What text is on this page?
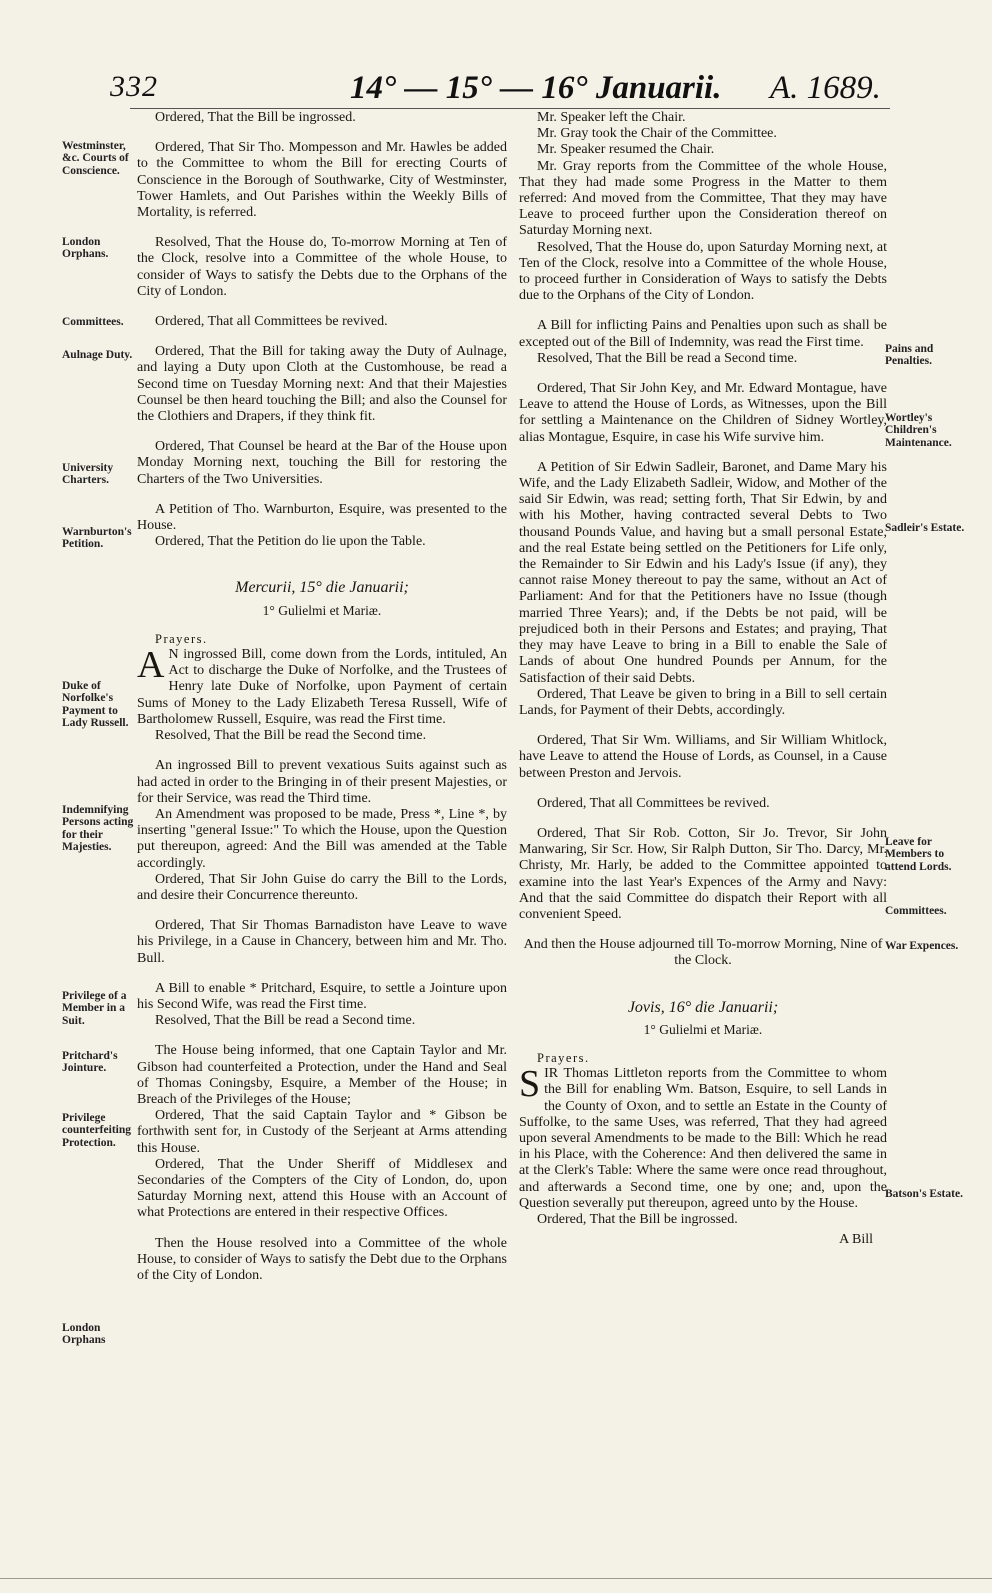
332	14° — 15° — 16° Januarii. A. 1689.
Westminster, &c. Courts of Conscience.
London Orphans.
Committees.
Aulnage Duty.
University Charters.
Warnburton's Petition.
Duke of Norfolke's Payment to Lady Russell.
Indemnifying Persons acting for their Majesties.
Privilege of a Member in a Suit.
Pritchard's Jointure.
Privilege counterfeiting Protection.
London Orphans
Pains and Penalties.
Wortley's Children's Maintenance.
Sadleir's Estate.
Leave for Members to attend Lords.
Committees.
War Expences.
Batson's Estate.

Ordered, That the Bill be ingrossed.

Ordered, That Sir Tho. Mompesson and Mr. Hawles be added to the Committee to whom the Bill for erecting Courts of Conscience in the Borough of Southwarke, City of Westminster, Tower Hamlets, and Out Parishes within the Weekly Bills of Mortality, is referred.

Resolved, That the House do, To-morrow Morning at Ten of the Clock, resolve into a Committee of the whole House, to consider of Ways to satisfy the Debts due to the Orphans of the City of London.

Ordered, That all Committees be revived.

Ordered, That the Bill for taking away the Duty of Aulnage, and laying a Duty upon Cloth at the Customhouse, be read a Second time on Tuesday Morning next: And that their Majesties Counsel be then heard touching the Bill; and also the Counsel for the Clothiers and Drapers, if they think fit.

Ordered, That Counsel be heard at the Bar of the House upon Monday Morning next, touching the Bill for restoring the Charters of the Two Universities.

A Petition of Tho. Warnburton, Esquire, was presented to the House.

Ordered, That the Petition do lie upon the Table.

Mercurii, 15° die Januarii;

1° Gulielmi et Mariæ.

Prayers.

A N ingrossed Bill, come down from the Lords, intituled, An Act to discharge the Duke of Norfolke, and the Trustees of Henry late Duke of Norfolke, upon Payment of certain Sums of Money to the Lady Elizabeth Teresa Russell, Wife of Bartholomew Russell, Esquire, was read the First time.

Resolved, That the Bill be read the Second time.

An ingrossed Bill to prevent vexatious Suits against such as had acted in order to the Bringing in of their present Majesties, or for their Service, was read the Third time.

An Amendment was proposed to be made, Press *, Line *, by inserting "general Issue:" To which the House, upon the Question put thereupon, agreed: And the Bill was amended at the Table accordingly.

Ordered, That Sir John Guise do carry the Bill to the Lords, and desire their Concurrence thereunto.

Ordered, That Sir Thomas Barnadiston have Leave to wave his Privilege, in a Cause in Chancery, between him and Mr. Tho. Bull.

A Bill to enable * Pritchard, Esquire, to settle a Jointure upon his Second Wife, was read the First time.

Resolved, That the Bill be read a Second time.

The House being informed, that one Captain Taylor and Mr. Gibson had counterfeited a Protection, under the Hand and Seal of Thomas Coningsby, Esquire, a Member of the House; in Breach of the Privileges of the House;

Ordered, That the said Captain Taylor and * Gibson be forthwith sent for, in Custody of the Serjeant at Arms attending this House.

Ordered, That the Under Sheriff of Middlesex and Secondaries of the Compters of the City of London, do, upon Saturday Morning next, attend this House with an Account of what Protections are entered in their respective Offices.

Then the House resolved into a Committee of the whole House, to consider of Ways to satisfy the Debt due to the Orphans of the City of London.

Mr. Speaker left the Chair.

Mr. Gray took the Chair of the Committee.

Mr. Speaker resumed the Chair.

Mr. Gray reports from the Committee of the whole House, That they had made some Progress in the Matter to them referred: And moved from the Committee, That they may have Leave to proceed further upon the Consideration thereof on Saturday Morning next.

Resolved, That the House do, upon Saturday Morning next, at Ten of the Clock, resolve into a Committee of the whole House, to proceed further in Consideration of Ways to satisfy the Debts due to the Orphans of the City of London.

A Bill for inflicting Pains and Penalties upon such as shall be excepted out of the Bill of Indemnity, was read the First time.

Resolved, That the Bill be read a Second time.

Ordered, That Sir John Key, and Mr. Edward Montague, have Leave to attend the House of Lords, as Witnesses, upon the Bill for settling a Maintenance on the Children of Sidney Wortley, alias Montague, Esquire, in case his Wife survive him.

A Petition of Sir Edwin Sadleir, Baronet, and Dame Mary his Wife, and the Lady Elizabeth Sadleir, Widow, and Mother of the said Sir Edwin, was read; setting forth, That Sir Edwin, by and with his Mother, having contracted several Debts to Two thousand Pounds Value, and having but a small personal Estate, and the real Estate being settled on the Petitioners for Life only, the Remainder to Sir Edwin and his Lady's Issue (if any), they cannot raise Money thereout to pay the same, without an Act of Parliament: And for that the Petitioners have no Issue (though married Three Years); and, if the Debts be not paid, will be prejudiced both in their Persons and Estates; and praying, That they may have Leave to bring in a Bill to enable the Sale of Lands of about One hundred Pounds per Annum, for the Satisfaction of their said Debts.

Ordered, That Leave be given to bring in a Bill to sell certain Lands, for Payment of their Debts, accordingly.

Ordered, That Sir Wm. Williams, and Sir William Whitlock, have Leave to attend the House of Lords, as Counsel, in a Cause between Preston and Jervois.

Ordered, That all Committees be revived.

Ordered, That Sir Rob. Cotton, Sir Jo. Trevor, Sir John Manwaring, Sir Scr. How, Sir Ralph Dutton, Sir Tho. Darcy, Mr. Christy, Mr. Harly, be added to the Committee appointed to examine into the last Year's Expences of the Army and Navy: And that the said Committee do dispatch their Report with all convenient Speed.

And then the House adjourned till To-morrow Morning, Nine of the Clock.

Jovis, 16° die Januarii;

1° Gulielmi et Mariæ.

Prayers.

SIR Thomas Littleton reports from the Committee to whom the Bill for enabling Wm. Batson, Esquire, to sell Lands in the County of Oxon, and to settle an Estate in the County of Suffolke, to the same Uses, was referred, That they had agreed upon several Amendments to be made to the Bill: Which he read in his Place, with the Coherence: And then delivered the same in at the Clerk's Table: Where the same were once read throughout, and afterwards a Second time, one by one; and, upon the Question severally put thereupon, agreed unto by the House.

Ordered, That the Bill be ingrossed.

A Bill
